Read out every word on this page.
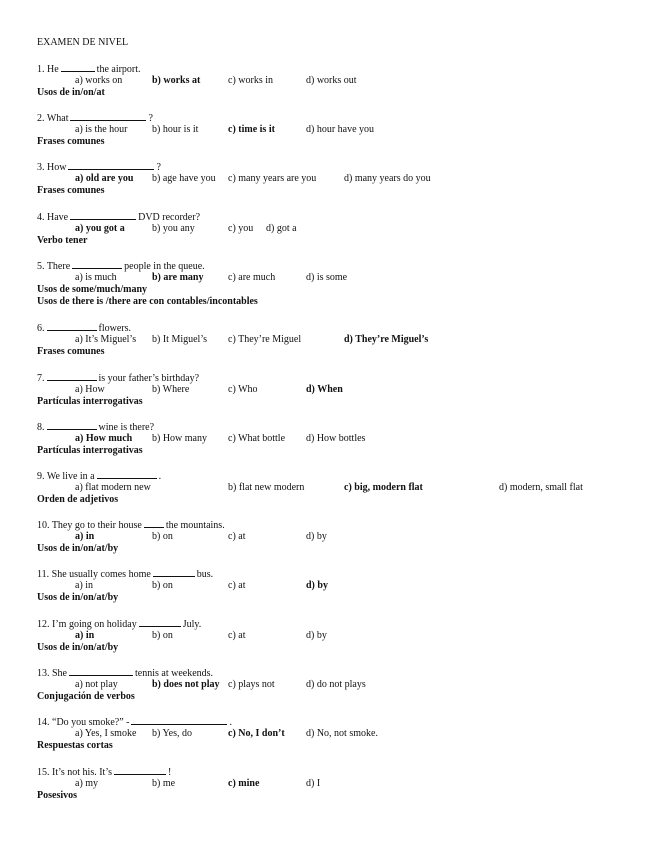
EXAMEN DE NIVEL
1. He	the airport.
a) works on	b) works at	c) works in	d) works out
Usos de in/on/at
2. What	?
a) is the hour b) hour is it	c) time is it	d) hour have you
Frases comunes
3. How	?
a) old are you b) age have you c) many years are you	d) many years do you
Frases comunes
4. Have	DVD recorder?
a) you got a	b) you any	c) you d) got a
Verbo tener
5. There	people in the queue.
a) is much	b) are many c) are much	d) is some
Usos de some/much/many
Usos de there is /there are con contables/incontables
6.	flowers.
a) It’s Miguel’s b) It Miguel’s c) They’re Miguel	d) They’re Miguel’s
Frases comunes
7.	is your father’s birthday?
a) How	b) Where	c) Who	d) When
Partículas interrogativas
8.	wine is there?
a) How much b) How many c) What bottle d) How bottles
Partículas interrogativas
9. We live in a	.
a) flat modern new	b) flat new modern	c) big, modern flat	d) modern, small flat
Orden de adjetivos
10. They go to their house the mountains.
a) in	b) on	c) at	d) by
Usos de in/on/at/by
11. She usually comes home	bus.
a) in	b) on	c) at	d) by
Usos de in/on/at/by
12. I’m going on holiday	July.
a) in	b) on	c) at	d) by
Usos de in/on/at/by
13. She	tennis at weekends.
a) not play	b) does not play c) plays not	d) do not plays
Conjugación de verbos
14. “Do you smoke?” -	.
a) Yes, I smoke b) Yes, do	c) No, I don’t d) No, not smoke.
Respuestas cortas
15. It’s not his. It’s	!
a) my	b) me	c) mine	d) I
Posesivos
